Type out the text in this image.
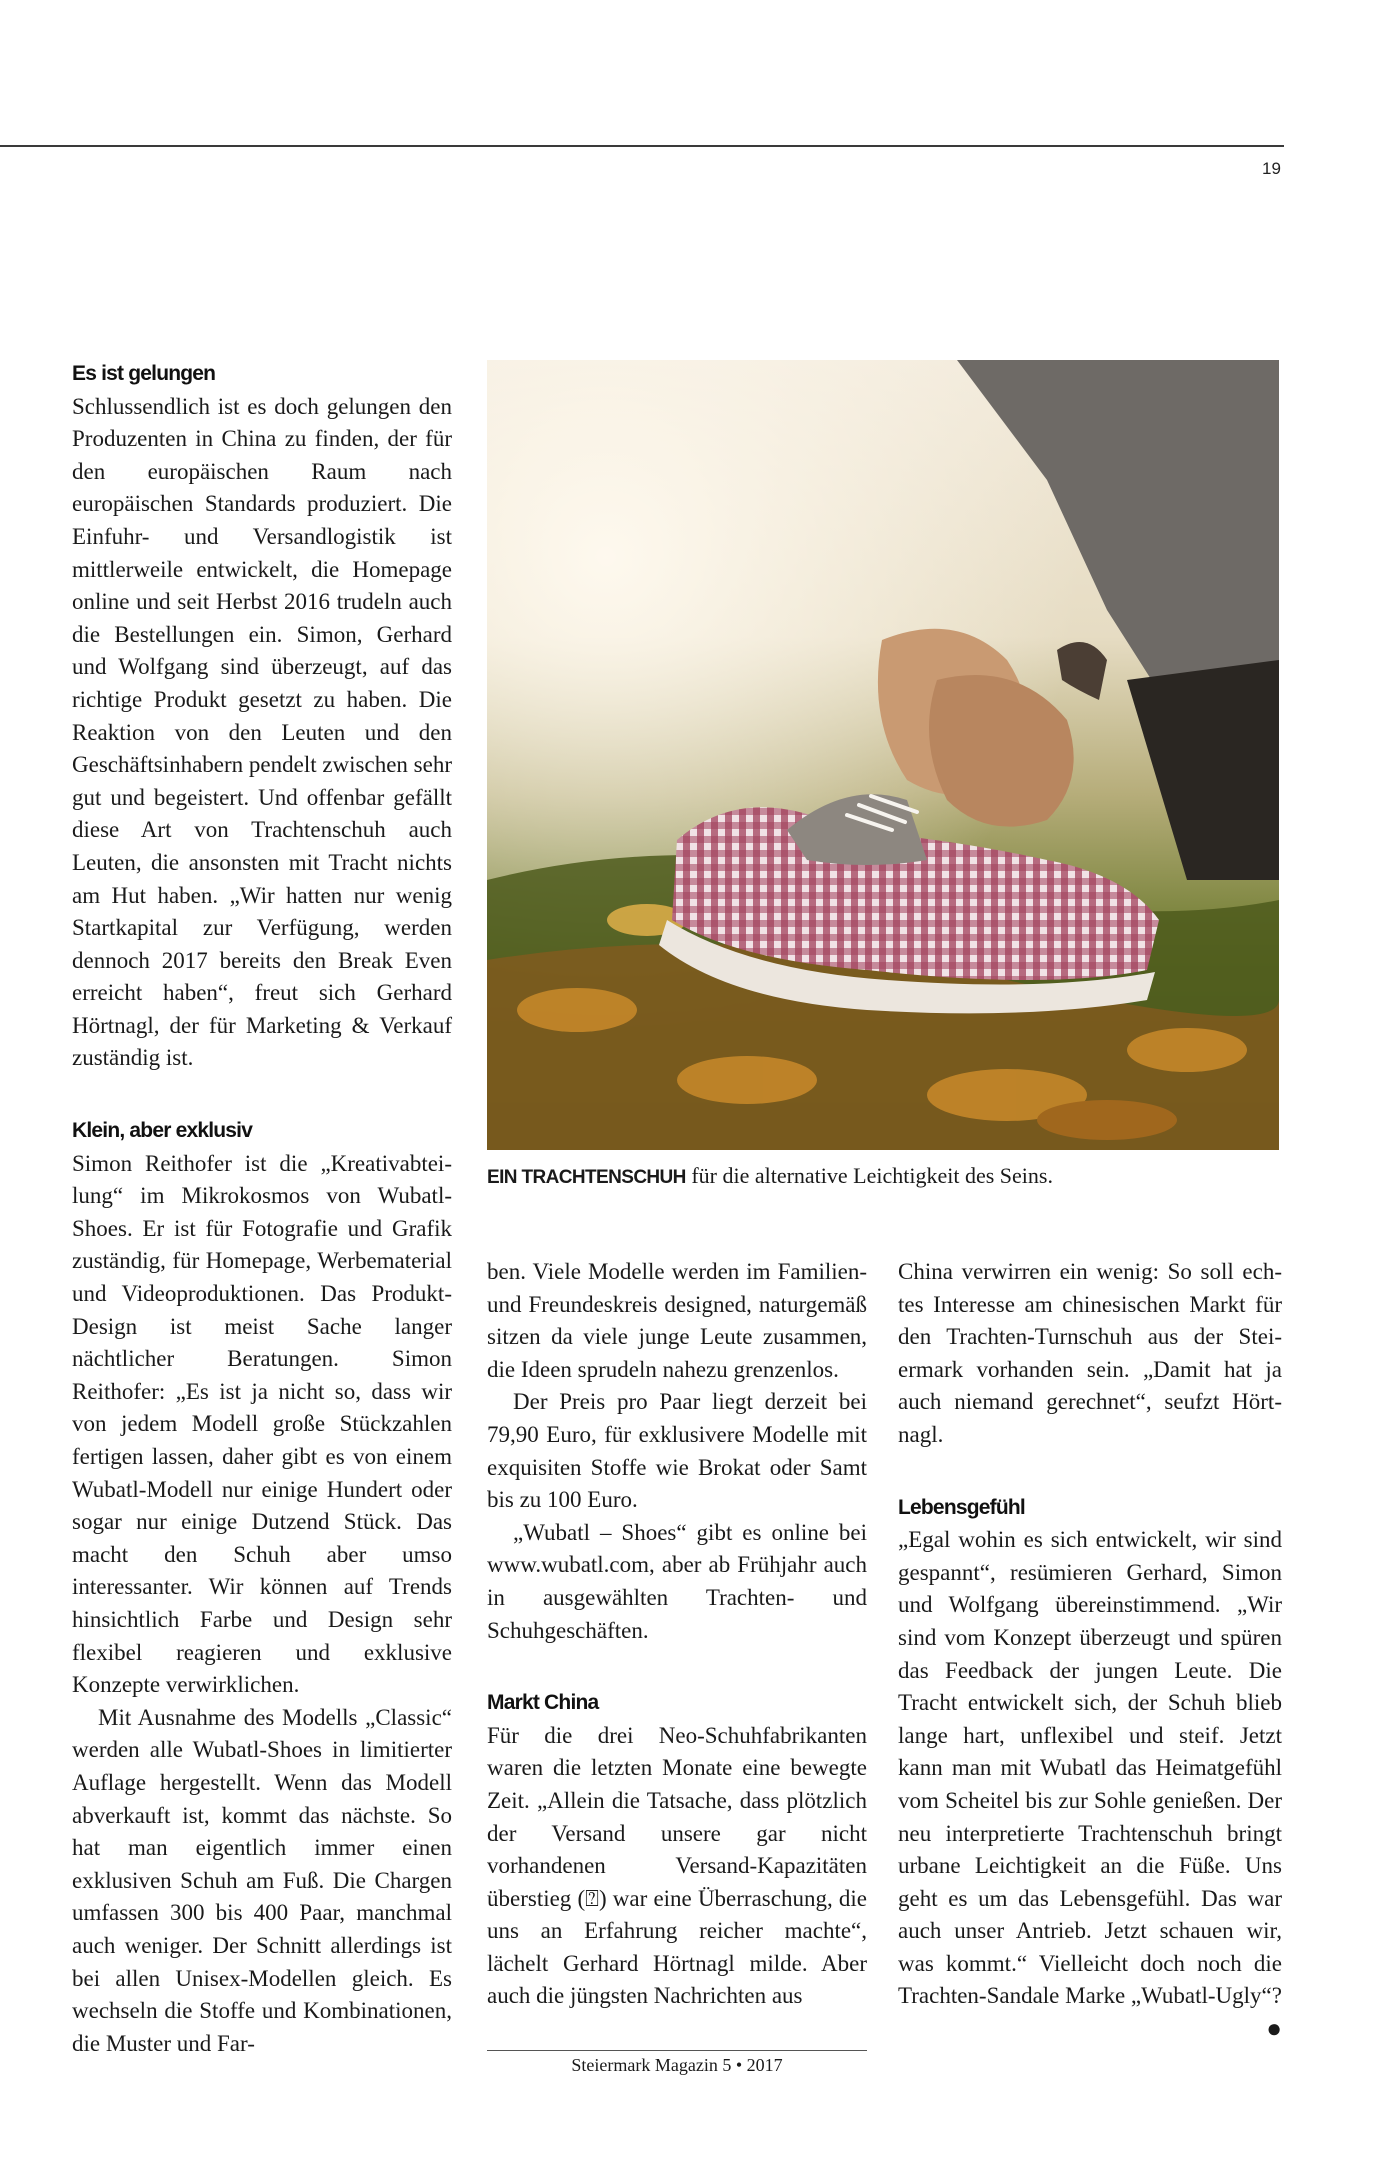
19
Es ist gelungen

Schlussendlich ist es doch gelungen den Produzenten in China zu finden, der für den europäischen Raum nach europäischen Standards produziert. Die Einfuhr- und Versandlogistik ist mittlerweile entwickelt, die Homepage online und seit Herbst 2016 trudeln auch die Bestellungen ein. Simon, Gerhard und Wolfgang sind überzeugt, auf das richtige Produkt gesetzt zu haben. Die Reaktion von den Leuten und den Geschäftsinhabern pendelt zwischen sehr gut und begeistert. Und offenbar gefällt diese Art von Trachtenschuh auch Leuten, die ansonsten mit Tracht nichts am Hut haben. „Wir hatten nur wenig Startkapital zur Verfügung, werden dennoch 2017 bereits den Break Even erreicht haben“, freut sich Gerhard Hörtnagl, der für Marketing & Verkauf zuständig ist.

Klein, aber exklusiv

Simon Reithofer ist die „Kreativabteilung“ im Mikrokosmos von Wubatl-Shoes. Er ist für Fotografie und Grafik zuständig, für Homepage, Werbematerial und Videoproduktionen. Das Produkt-Design ist meist Sache langer nächtlicher Beratungen. Simon Reithofer: „Es ist ja nicht so, dass wir von jedem Modell große Stückzahlen fertigen lassen, daher gibt es von einem Wubatl-Modell nur einige Hundert oder sogar nur einige Dutzend Stück. Das macht den Schuh aber umso interessanter. Wir können auf Trends hinsichtlich Farbe und Design sehr flexibel reagieren und exklusive Konzepte verwirklichen.

Mit Ausnahme des Modells „Classic“ werden alle Wubatl-Shoes in limitierter Auflage hergestellt. Wenn das Modell abverkauft ist, kommt das nächste. So hat man eigentlich immer einen exklusiven Schuh am Fuß. Die Chargen umfassen 300 bis 400 Paar, manchmal auch weniger. Der Schnitt allerdings ist bei allen Unisex-Modellen gleich. Es wechseln die Stoffe und Kombinationen, die Muster und Far-

EIN TRACHTENSCHUH für die alternative Leichtigkeit des Seins.

ben. Viele Modelle werden im Familien- und Freundeskreis designed, naturgemäß sitzen da viele junge Leute zusammen, die Ideen sprudeln nahezu grenzenlos.

Der Preis pro Paar liegt derzeit bei 79,90 Euro, für exklusivere Modelle mit exquisiten Stoffe wie Brokat oder Samt bis zu 100 Euro.

„Wubatl – Shoes“ gibt es online bei www.wubatl.com, aber ab Frühjahr auch in ausgewählten Trachten- und Schuhgeschäften.

Markt China

Für die drei Neo-Schuhfabrikanten waren die letzten Monate eine bewegte Zeit. „Allein die Tatsache, dass plötzlich der Versand unsere gar nicht vorhandenen Versand-Kapazitäten überstieg (⍰) war eine Überraschung, die uns an Erfahrung reicher machte“, lächelt Gerhard Hörtnagl milde. Aber auch die jüngsten Nachrichten aus

China verwirren ein wenig: So soll echtes Interesse am chinesischen Markt für den Trachten-Turnschuh aus der Steiermark vorhanden sein. „Damit hat ja auch niemand gerechnet“, seufzt Hörtnagl.

Lebensgefühl

„Egal wohin es sich entwickelt, wir sind gespannt“, resümieren Gerhard, Simon und Wolfgang übereinstimmend. „Wir sind vom Konzept überzeugt und spüren das Feedback der jungen Leute. Die Tracht entwickelt sich, der Schuh blieb lange hart, unflexibel und steif. Jetzt kann man mit Wubatl das Heimatgefühl vom Scheitel bis zur Sohle genießen. Der neu interpretierte Trachtenschuh bringt urbane Leichtigkeit an die Füße. Uns geht es um das Lebensgefühl. Das war auch unser Antrieb. Jetzt schauen wir, was kommt.“ Vielleicht doch noch die Trachten-Sandale Marke „Wubatl-Ugly“?
●

Steiermark Magazin 5 • 2017
